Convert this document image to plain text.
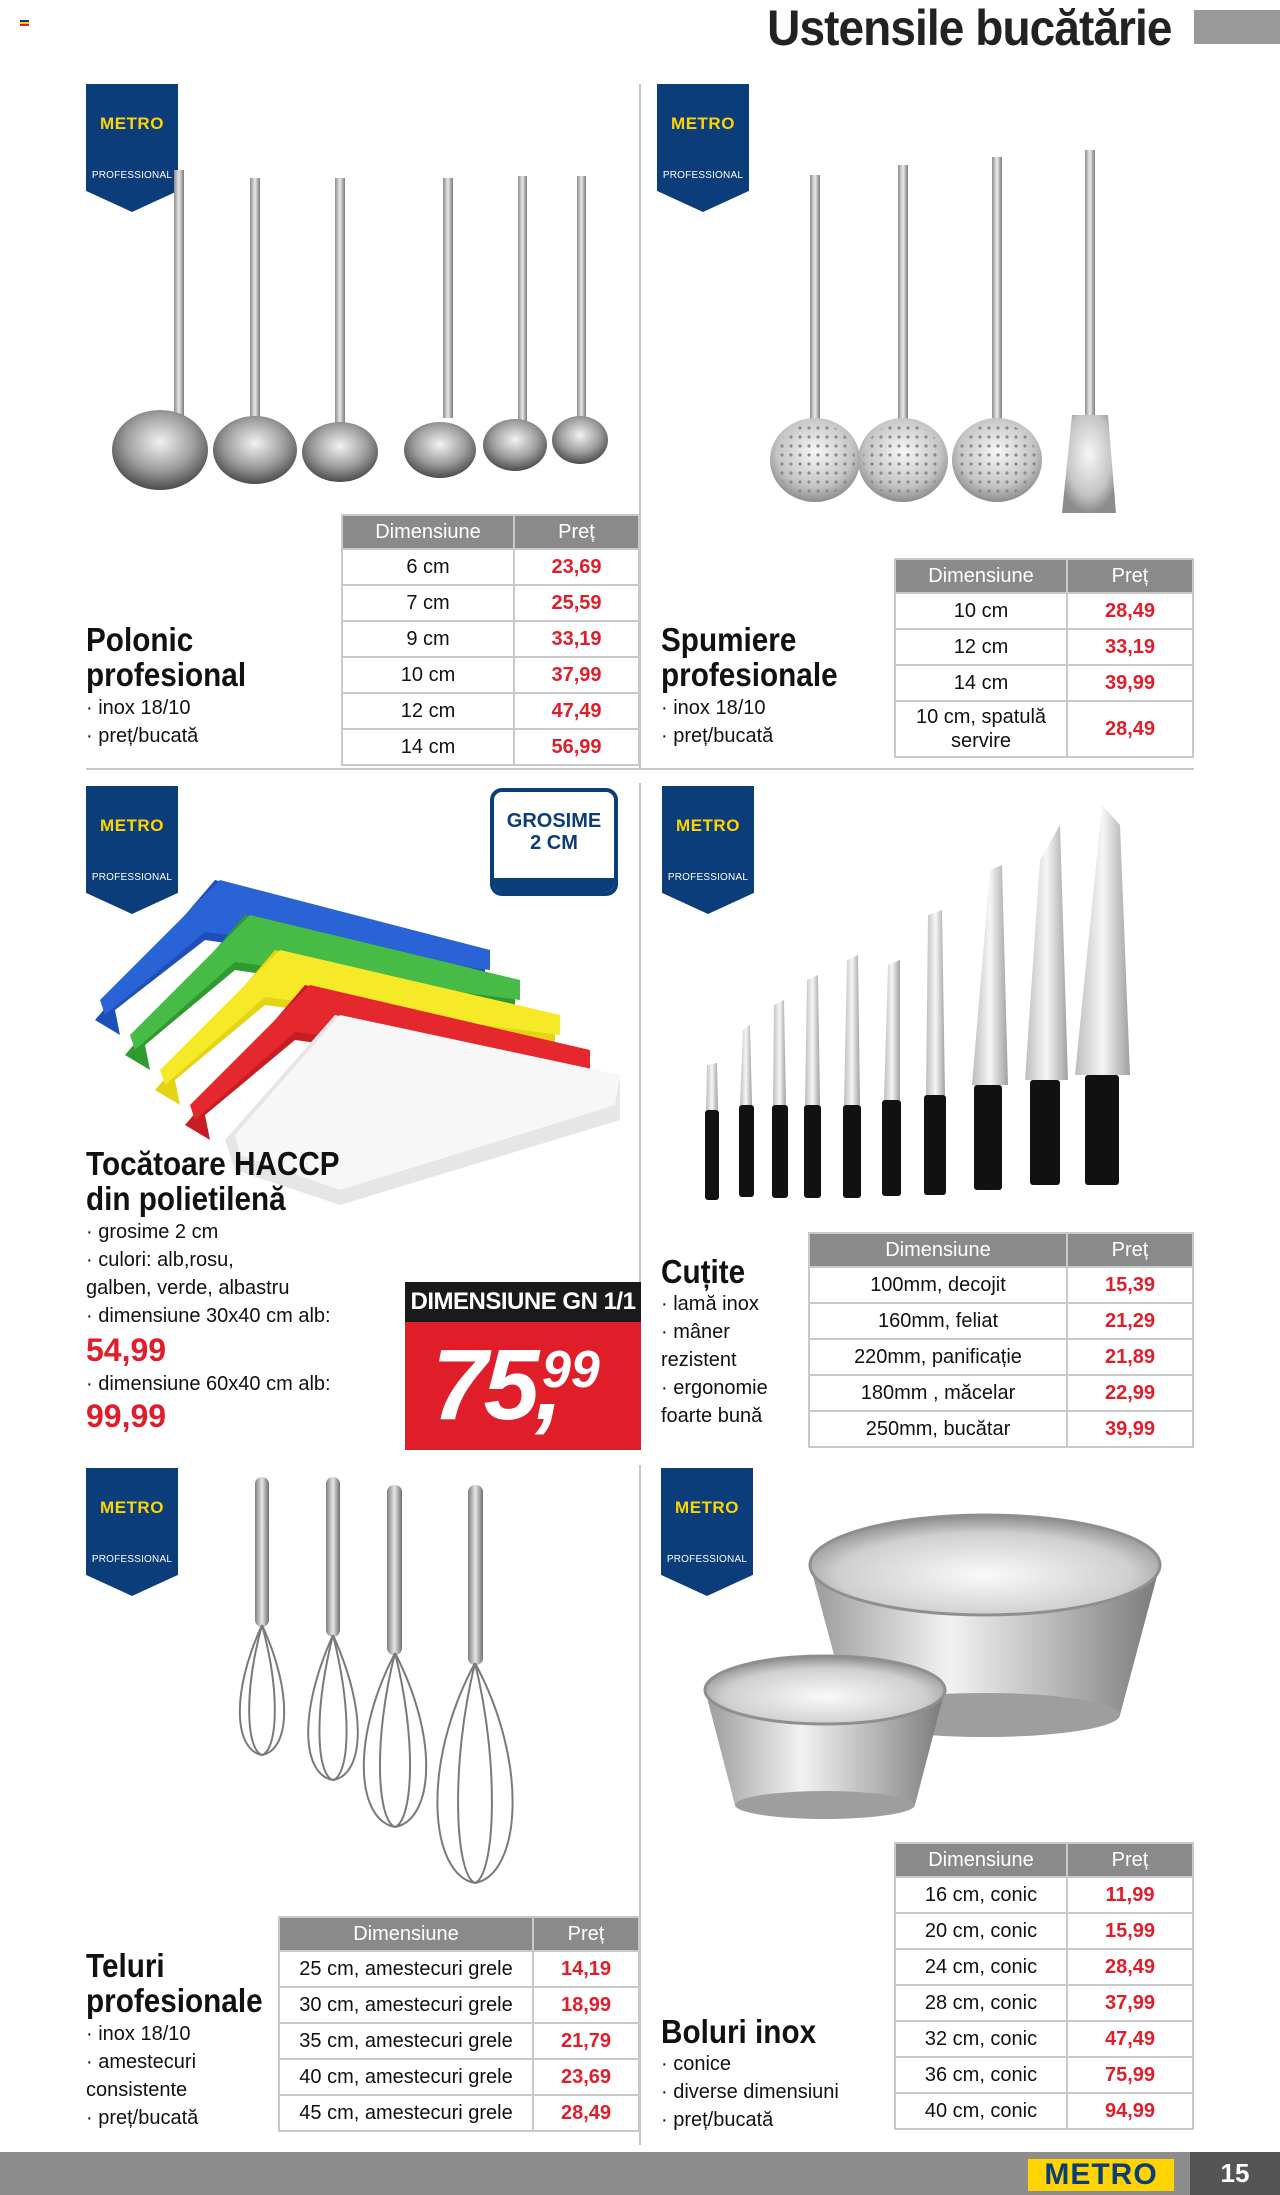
Ustensile bucătărie
METRO
PROFESSIONAL
Polonic
profesional
· inox 18/10
· preț/bucată
Dimensiune	Preț
6 cm	23,69
7 cm	25,59
9 cm	33,19
10 cm	37,99
12 cm	47,49
14 cm	56,99
METRO
PROFESSIONAL
Spumiere
profesionale
· inox 18/10
· preț/bucată
Dimensiune	Preț
10 cm	28,49
12 cm	33,19
14 cm	39,99
10 cm, spatulă servire	28,49
METRO
PROFESSIONAL
GROSIME
2 CM
Tocătoare HACCP
din polietilenă
· grosime 2 cm
· culori: alb,rosu,
galben, verde, albastru
· dimensiune 30x40 cm alb:
54,99
· dimensiune 60x40 cm alb:
99,99
DIMENSIUNE GN 1/1
75,
99
METRO
PROFESSIONAL
Cuțite
· lamă inox
· mâner
rezistent
· ergonomie
foarte bună
Dimensiune	Preț
100mm, decojit	15,39
160mm, feliat	21,29
220mm, panificație	21,89
180mm , măcelar	22,99
250mm, bucătar	39,99
METRO
PROFESSIONAL
Teluri
profesionale
· inox 18/10
· amestecuri
consistente
· preț/bucată
Dimensiune	Preț
25 cm, amestecuri grele	14,19
30 cm, amestecuri grele	18,99
35 cm, amestecuri grele	21,79
40 cm, amestecuri grele	23,69
45 cm, amestecuri grele	28,49
METRO
PROFESSIONAL
Boluri inox
· conice
· diverse dimensiuni
· preț/bucată
Dimensiune	Preț
16 cm, conic	11,99
20 cm, conic	15,99
24 cm, conic	28,49
28 cm, conic	37,99
32 cm, conic	47,49
36 cm, conic	75,99
40 cm, conic	94,99
METRO	15
